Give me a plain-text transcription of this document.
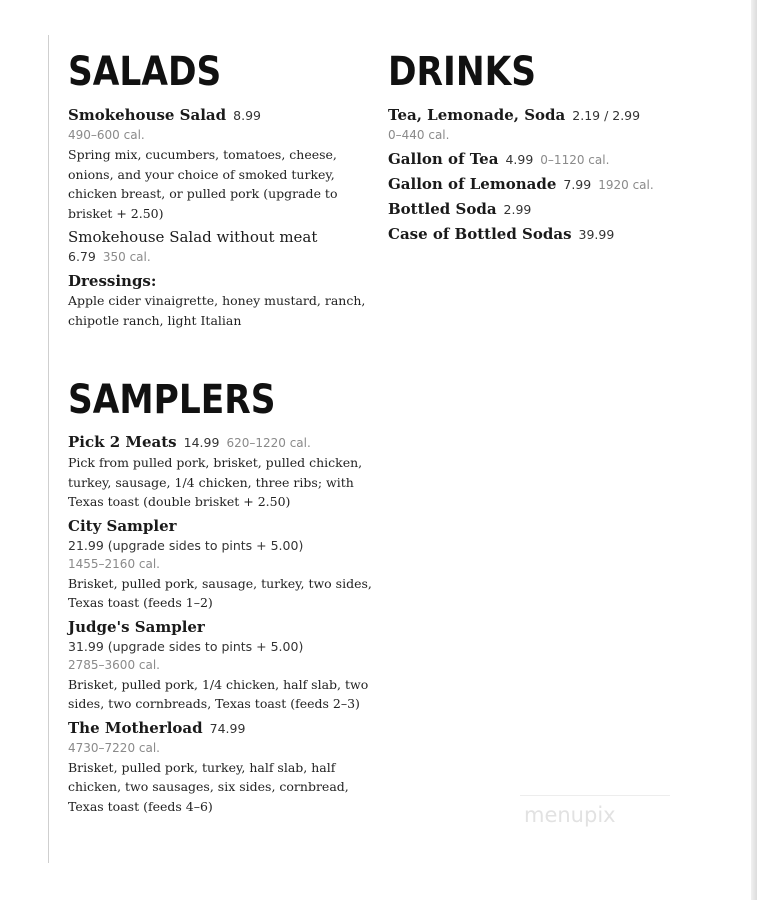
SALADS
Smokehouse Salad 8.99
490–600 cal.
Spring mix, cucumbers, tomatoes, cheese, onions, and your choice of smoked turkey, chicken breast, or pulled pork (upgrade to brisket + 2.50)
Smokehouse Salad without meat
6.79 350 cal.
Dressings:
Apple cider vinaigrette, honey mustard, ranch, chipotle ranch, light Italian
SAMPLERS
Pick 2 Meats 14.99 620–1220 cal.
Pick from pulled pork, brisket, pulled chicken, turkey, sausage, 1/4 chicken, three ribs; with Texas toast (double brisket + 2.50)
City Sampler
21.99 (upgrade sides to pints + 5.00)
1455–2160 cal.
Brisket, pulled pork, sausage, turkey, two sides, Texas toast (feeds 1–2)
Judge's Sampler
31.99 (upgrade sides to pints + 5.00)
2785–3600 cal.
Brisket, pulled pork, 1/4 chicken, half slab, two sides, two cornbreads, Texas toast (feeds 2–3)
The Motherload 74.99
4730–7220 cal.
Brisket, pulled pork, turkey, half slab, half chicken, two sausages, six sides, cornbread, Texas toast (feeds 4–6)
DRINKS
Tea, Lemonade, Soda 2.19 / 2.99
0–440 cal.
Gallon of Tea 4.99 0–1120 cal.
Gallon of Lemonade 7.99 1920 cal.
Bottled Soda 2.99
Case of Bottled Sodas 39.99
menupix
